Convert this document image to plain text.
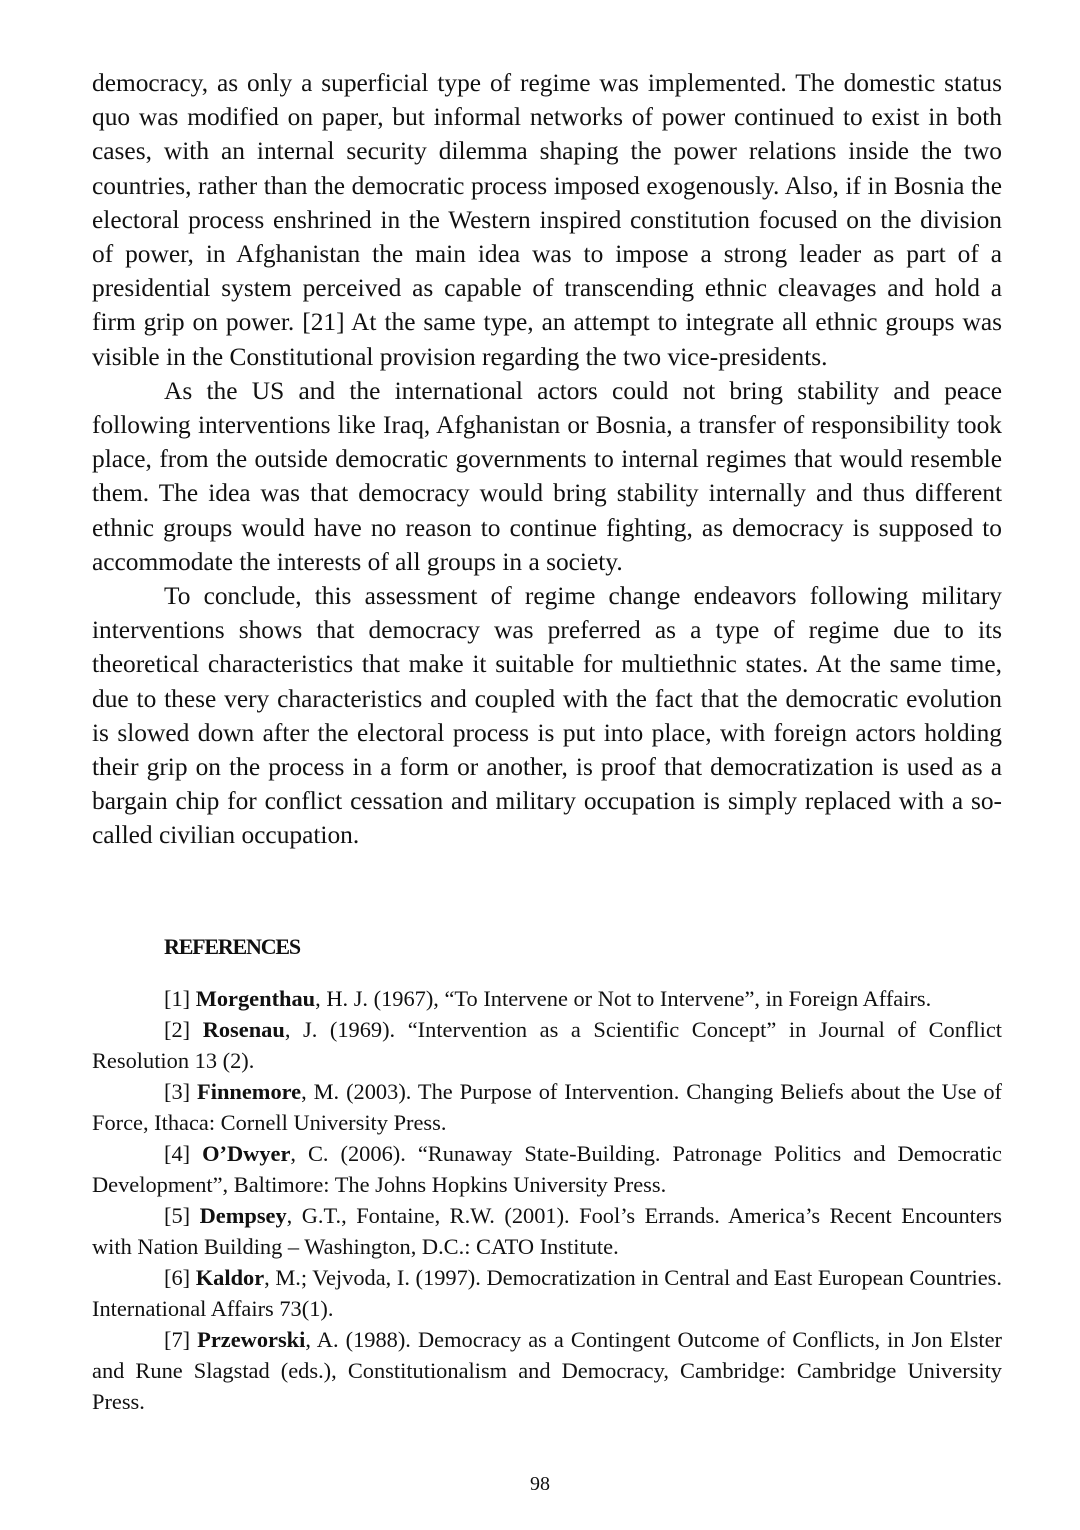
democracy, as only a superficial type of regime was implemented. The domestic status quo was modified on paper, but informal networks of power continued to exist in both cases, with an internal security dilemma shaping the power relations inside the two countries, rather than the democratic process imposed exogenously. Also, if in Bosnia the electoral process enshrined in the Western inspired constitution focused on the division of power, in Afghanistan the main idea was to impose a strong leader as part of a presidential system perceived as capable of transcending ethnic cleavages and hold a firm grip on power. [21] At the same type, an attempt to integrate all ethnic groups was visible in the Constitutional provision regarding the two vice-presidents.

As the US and the international actors could not bring stability and peace following interventions like Iraq, Afghanistan or Bosnia, a transfer of responsibility took place, from the outside democratic governments to internal regimes that would resemble them. The idea was that democracy would bring stability internally and thus different ethnic groups would have no reason to continue fighting, as democracy is supposed to accommodate the interests of all groups in a society.

To conclude, this assessment of regime change endeavors following military interventions shows that democracy was preferred as a type of regime due to its theoretical characteristics that make it suitable for multiethnic states. At the same time, due to these very characteristics and coupled with the fact that the democratic evolution is slowed down after the electoral process is put into place, with foreign actors holding their grip on the process in a form or another, is proof that democratization is used as a bargain chip for conflict cessation and military occupation is simply replaced with a so-called civilian occupation.

REFERENCES

[1] Morgenthau, H. J. (1967), “To Intervene or Not to Intervene”, in Foreign Affairs.

[2] Rosenau, J. (1969). “Intervention as a Scientific Concept” in Journal of Conflict Resolution 13 (2).

[3] Finnemore, M. (2003). The Purpose of Intervention. Changing Beliefs about the Use of Force, Ithaca: Cornell University Press.

[4] O’Dwyer, C. (2006). “Runaway State-Building. Patronage Politics and Democratic Development”, Baltimore: The Johns Hopkins University Press.

[5] Dempsey, G.T., Fontaine, R.W. (2001). Fool’s Errands. America’s Recent Encounters with Nation Building – Washington, D.C.: CATO Institute.

[6] Kaldor, M.; Vejvoda, I. (1997). Democratization in Central and East European Countries. International Affairs 73(1).

[7] Przeworski, A. (1988). Democracy as a Contingent Outcome of Conflicts, in Jon Elster and Rune Slagstad (eds.), Constitutionalism and Democracy, Cambridge: Cambridge University Press.

98
